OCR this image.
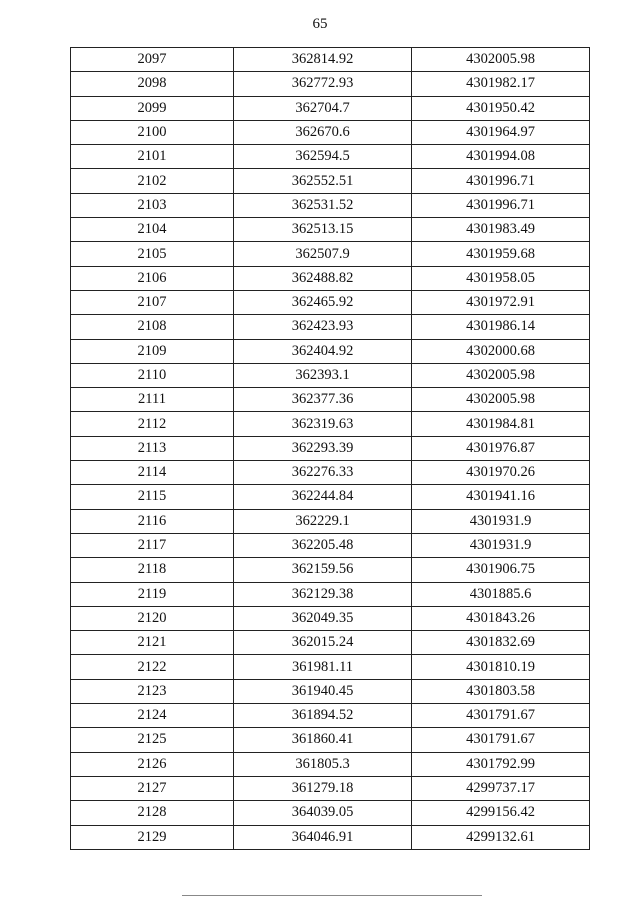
65
2097	362814.92	4302005.98
2098	362772.93	4301982.17
2099	362704.7	4301950.42
2100	362670.6	4301964.97
2101	362594.5	4301994.08
2102	362552.51	4301996.71
2103	362531.52	4301996.71
2104	362513.15	4301983.49
2105	362507.9	4301959.68
2106	362488.82	4301958.05
2107	362465.92	4301972.91
2108	362423.93	4301986.14
2109	362404.92	4302000.68
2110	362393.1	4302005.98
2111	362377.36	4302005.98
2112	362319.63	4301984.81
2113	362293.39	4301976.87
2114	362276.33	4301970.26
2115	362244.84	4301941.16
2116	362229.1	4301931.9
2117	362205.48	4301931.9
2118	362159.56	4301906.75
2119	362129.38	4301885.6
2120	362049.35	4301843.26
2121	362015.24	4301832.69
2122	361981.11	4301810.19
2123	361940.45	4301803.58
2124	361894.52	4301791.67
2125	361860.41	4301791.67
2126	361805.3	4301792.99
2127	361279.18	4299737.17
2128	364039.05	4299156.42
2129	364046.91	4299132.61
